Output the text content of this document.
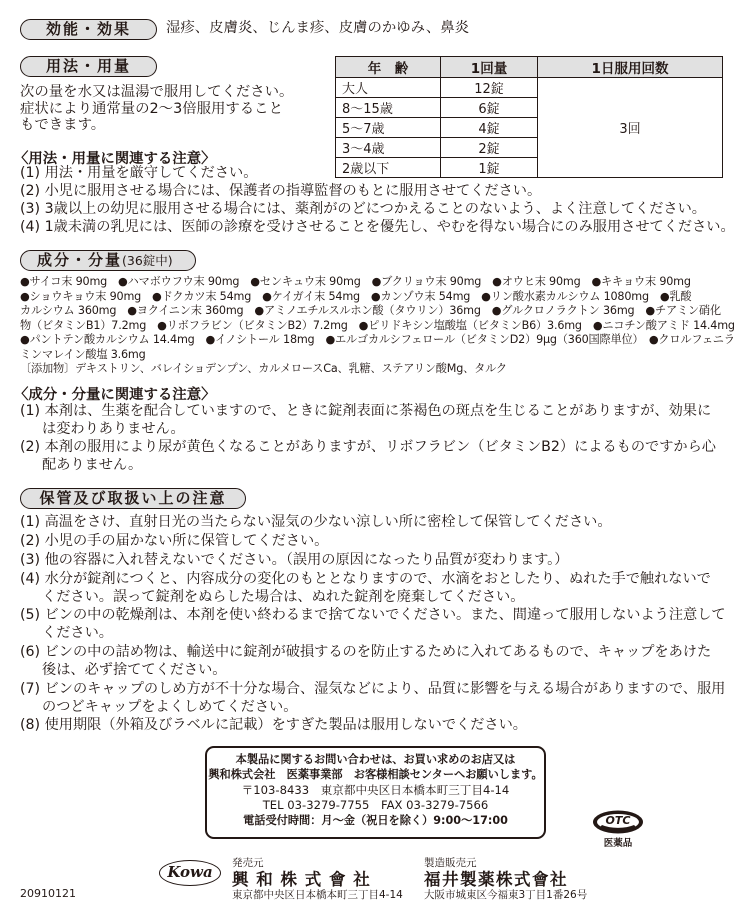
効能・効果	湿疹、皮膚炎、じんま疹、皮膚のかゆみ、鼻炎
用法・用量
次の量を水又は温湯で服用してください。
症状により通常量の2〜3倍服用すること
もできます。
年　齢	1回量	1日服用回数
大人	12錠	3回
8〜15歳	6錠	
5〜7歳	4錠	
3〜4歳	2錠	
2歳以下	1錠	
〈用法・用量に関連する注意〉
(1) 用法・用量を厳守してください。
(2) 小児に服用させる場合には、保護者の指導監督のもとに服用させてください。
(3) 3歳以上の幼児に服用させる場合には、薬剤がのどにつかえることのないよう、よく注意してください。
(4) 1歳未満の乳児には、医師の診療を受けさせることを優先し、やむを得ない場合にのみ服用させてください。
成分・分量(36錠中)
●サイコ末 90mg　●ハマボウフウ末 90mg　●センキュウ末 90mg　●ブクリョウ末 90mg　●オウヒ末 90mg　●キキョウ末 90mg
●ショウキョウ末 90mg　●ドクカツ末 54mg　●ケイガイ末 54mg　●カンゾウ末 54mg　●リン酸水素カルシウム 1080mg　●乳酸
カルシウム 360mg　●ヨクイニン末 360mg　●アミノエチルスルホン酸（タウリン）36mg　●グルクロノラクトン 36mg　●チアミン硝化
物（ビタミンB1）7.2mg　●リボフラビン（ビタミンB2）7.2mg　●ピリドキシン塩酸塩（ビタミンB6）3.6mg　●ニコチン酸アミド 14.4mg
●パントテン酸カルシウム 14.4mg　●イノシトール 18mg　●エルゴカルシフェロール（ビタミンD2）9μg（360国際単位）　●クロルフェニラ
ミンマレイン酸塩 3.6mg
〔添加物〕デキストリン、バレイショデンプン、カルメロースCa、乳糖、ステアリン酸Mg、タルク
〈成分・分量に関連する注意〉
(1) 本剤は、生薬を配合していますので、ときに錠剤表面に茶褐色の斑点を生じることがありますが、効果に
は変わりありません。
(2) 本剤の服用により尿が黄色くなることがありますが、リボフラビン（ビタミンB2）によるものですから心
配ありません。
保管及び取扱い上の注意
(1) 高温をさけ、直射日光の当たらない湿気の少ない涼しい所に密栓して保管してください。
(2) 小児の手の届かない所に保管してください。
(3) 他の容器に入れ替えないでください。（誤用の原因になったり品質が変わります。）
(4) 水分が錠剤につくと、内容成分の変化のもととなりますので、水滴をおとしたり、ぬれた手で触れないで
ください。誤って錠剤をぬらした場合は、ぬれた錠剤を廃棄してください。
(5) ビンの中の乾燥剤は、本剤を使い終わるまで捨てないでください。また、間違って服用しないよう注意して
ください。
(6) ビンの中の詰め物は、輸送中に錠剤が破損するのを防止するために入れてあるもので、キャップをあけた
後は、必ず捨ててください。
(7) ビンのキャップのしめ方が不十分な場合、湿気などにより、品質に影響を与える場合がありますので、服用
のつどキャップをよくしめてください。
(8) 使用期限（外箱及びラベルに記載）をすぎた製品は服用しないでください。
本製品に関するお問い合わせは、お買い求めのお店又は
興和株式会社　医薬事業部　お客様相談センターへお願いします。
〒103-8433　東京都中央区日本橋本町三丁目4-14
TEL 03-3279-7755　FAX 03-3279-7566
電話受付時間：月〜金（祝日を除く）9:00〜17:00	OTC
医薬品
20910121
Kowa	発売元
興 和 株 式 會 社
東京都中央区日本橋本町三丁目4-14
製造販売元
福井製薬株式會社
大阪市城東区今福東3丁目1番26号
